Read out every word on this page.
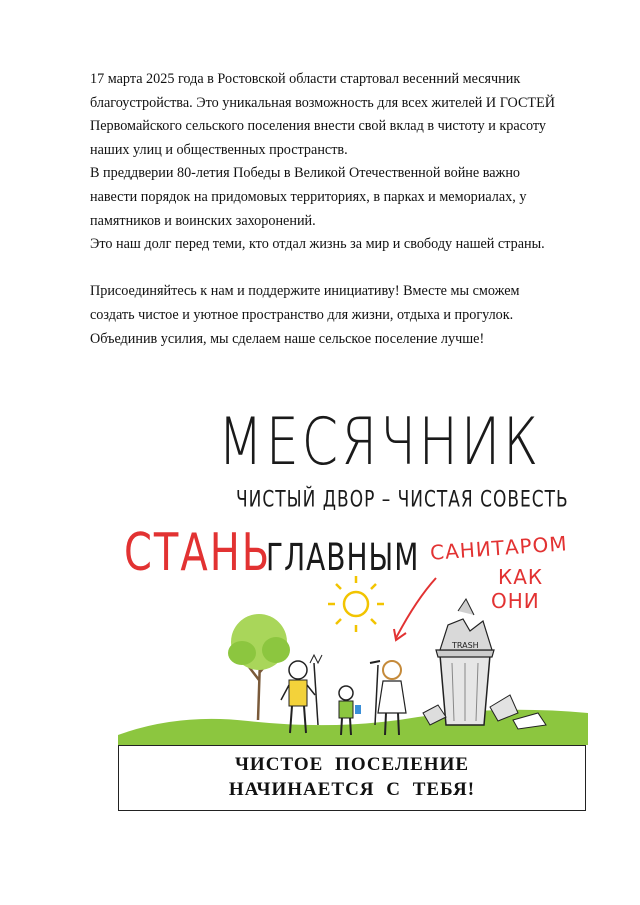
17 марта 2025 года в Ростовской области стартовал весенний месячник

благоустройства. Это уникальная возможность для всех жителей И ГОСТЕЙ

Первомайского сельского поселения внести свой вклад в чистоту и красоту

наших улиц и общественных пространств.

В преддверии 80-летия Победы в Великой Отечественной войне важно

навести порядок на придомовых территориях, в парках и мемориалах, у

памятников и воинских захоронений.

Это наш долг перед теми, кто отдал жизнь за мир и свободу нашей страны.

Присоединяйтесь к нам и поддержите инициативу! Вместе мы сможем

создать чистое и уютное пространство для жизни, отдыха и прогулок.

Объединив усилия, мы сделаем наше сельское поселение лучше!

TRASH
МЕСЯЧНИК
ЧИСТЫЙ ДВОР – ЧИСТАЯ СОВЕСТЬ
СТАНЬ
ГЛАВНЫМ САНИТАРОМ
КАК
ОНИ
ЧИСТОЕ ПОСЕЛЕНИЕ
НАЧИНАЕТСЯ С ТЕБЯ!
